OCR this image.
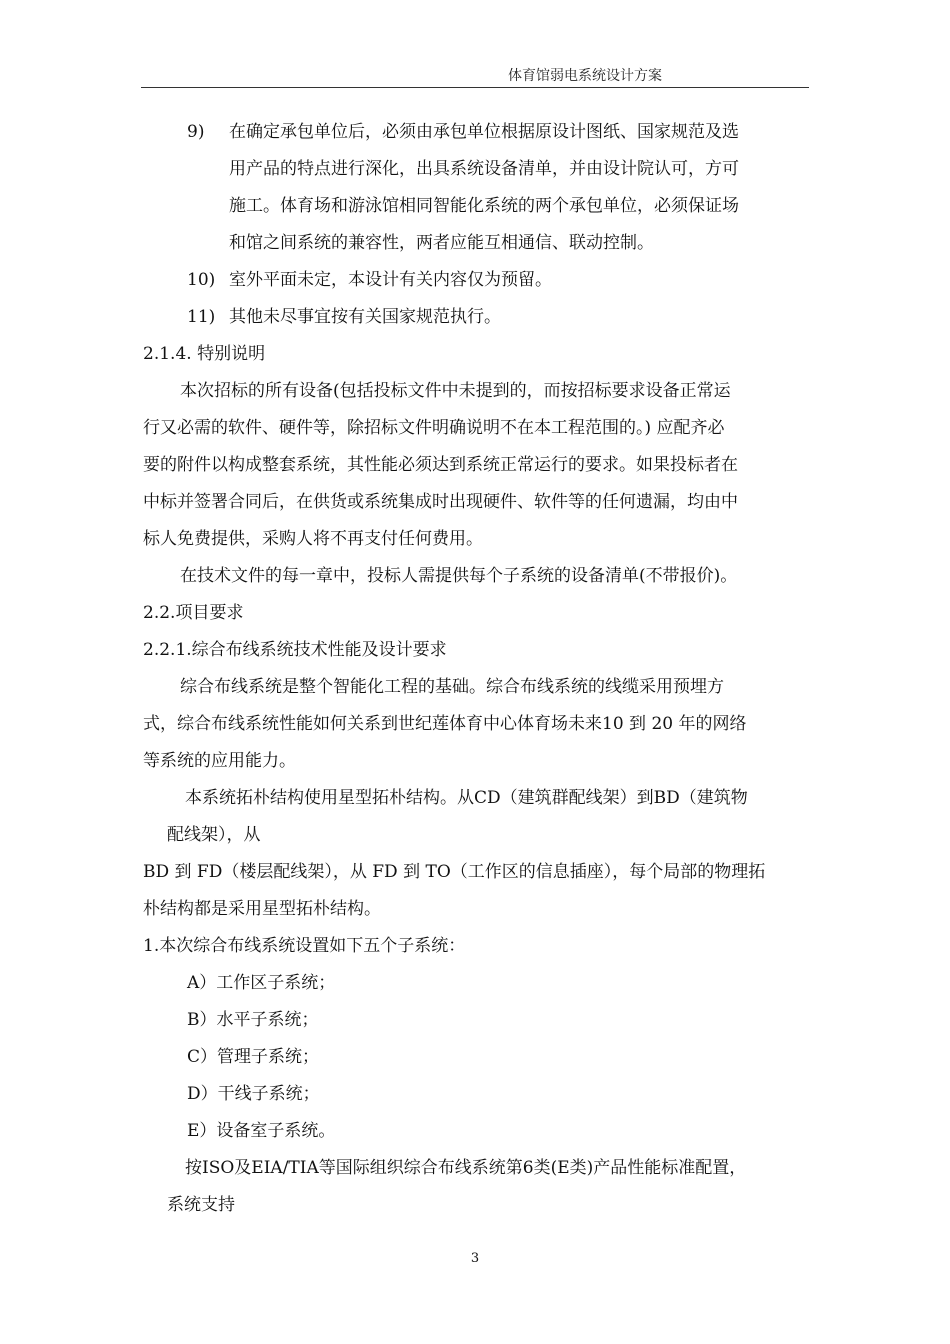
体育馆弱电系统设计方案
9) 在确定承包单位后，必须由承包单位根据原设计图纸、国家规范及选
用产品的特点进行深化，出具系统设备清单，并由设计院认可，方可
施工。体育场和游泳馆相同智能化系统的两个承包单位，必须保证场
和馆之间系统的兼容性，两者应能互相通信、联动控制。
10) 室外平面未定，本设计有关内容仅为预留。
11) 其他未尽事宜按有关国家规范执行。
2.1.4. 特别说明
本次招标的所有设备(包括投标文件中未提到的，而按招标要求设备正常运
行又必需的软件、硬件等，除招标文件明确说明不在本工程范围的。) 应配齐必
要的附件以构成整套系统，其性能必须达到系统正常运行的要求。如果投标者在
中标并签署合同后，在供货或系统集成时出现硬件、软件等的任何遗漏，均由中
标人免费提供，采购人将不再支付任何费用。
在技术文件的每一章中，投标人需提供每个子系统的设备清单(不带报价)。
2.2.项目要求
2.2.1.综合布线系统技术性能及设计要求
综合布线系统是整个智能化工程的基础。综合布线系统的线缆采用预埋方
式，综合布线系统性能如何关系到世纪莲体育中心体育场未来10 到 20 年的网络
等系统的应用能力。
本系统拓朴结构使用星型拓朴结构。从CD（建筑群配线架）到BD（建筑物
配线架），从
BD 到 FD（楼层配线架），从 FD 到 TO（工作区的信息插座），每个局部的物理拓
朴结构都是采用星型拓朴结构。
1.本次综合布线系统设置如下五个子系统：
A）工作区子系统；
B）水平子系统；
C）管理子系统；
D）干线子系统；
E）设备室子系统。
按ISO及EIA/TIA等国际组织综合布线系统第6类(E类)产品性能标准配置，
系统支持
3
